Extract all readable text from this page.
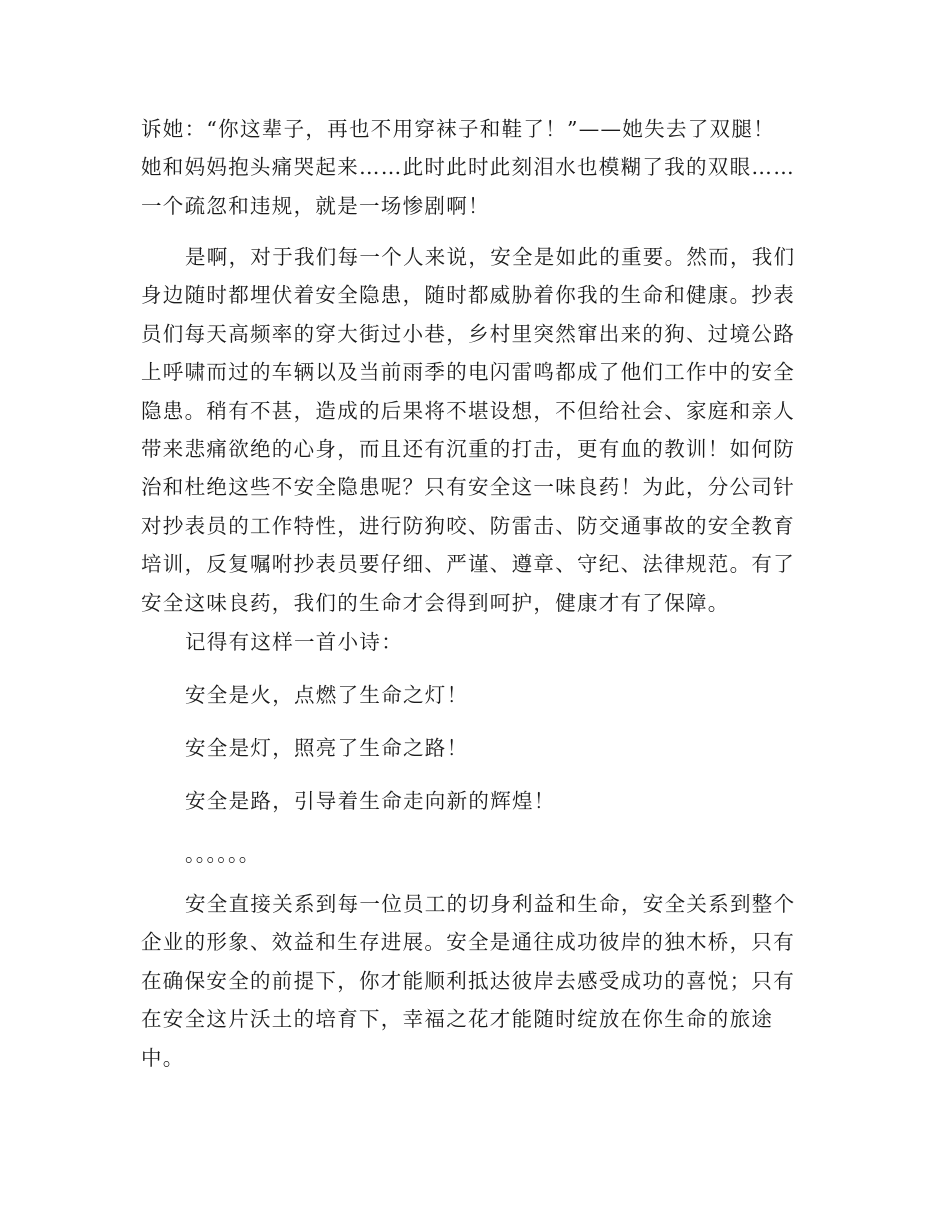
诉她：“你这辈子，再也不用穿袜子和鞋了！”——她失去了双腿！
她和妈妈抱头痛哭起来……此时此时此刻泪水也模糊了我的双眼……
一个疏忽和违规，就是一场惨剧啊！
是啊，对于我们每一个人来说，安全是如此的重要。然而，我们
身边随时都埋伏着安全隐患，随时都威胁着你我的生命和健康。抄表
员们每天高频率的穿大街过小巷，乡村里突然窜出来的狗、过境公路
上呼啸而过的车辆以及当前雨季的电闪雷鸣都成了他们工作中的安全
隐患。稍有不甚，造成的后果将不堪设想，不但给社会、家庭和亲人
带来悲痛欲绝的心身，而且还有沉重的打击，更有血的教训！如何防
治和杜绝这些不安全隐患呢？只有安全这一味良药！为此，分公司针
对抄表员的工作特性，进行防狗咬、防雷击、防交通事故的安全教育
培训，反复嘱咐抄表员要仔细、严谨、遵章、守纪、法律规范。有了
安全这味良药，我们的生命才会得到呵护，健康才有了保障。
记得有这样一首小诗：
安全是火，点燃了生命之灯！
安全是灯，照亮了生命之路！
安全是路，引导着生命走向新的辉煌！
。。。。。。
安全直接关系到每一位员工的切身利益和生命，安全关系到整个
企业的形象、效益和生存进展。安全是通往成功彼岸的独木桥，只有
在确保安全的前提下，你才能顺利抵达彼岸去感受成功的喜悦；只有
在安全这片沃土的培育下，幸福之花才能随时绽放在你生命的旅途
中。
